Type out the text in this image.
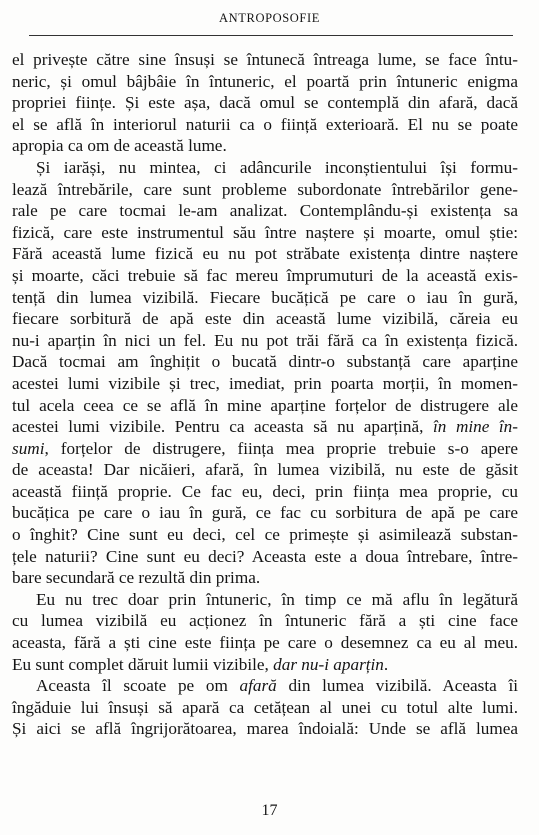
ANTROPOSOFIE
el privește către sine însuși se întunecă întreaga lume, se face întu-
neric, și omul bâjbâie în întuneric, el poartă prin întuneric enigma
propriei ființe. Și este așa, dacă omul se contemplă din afară, dacă
el se află în interiorul naturii ca o ființă exterioară. El nu se poate
apropia ca om de această lume.
Și iarăși, nu mintea, ci adâncurile inconștientului își formu-
lează întrebările, care sunt probleme subordonate întrebărilor gene-
rale pe care tocmai le-am analizat. Contemplându-și existența sa
fizică, care este instrumentul său între naștere și moarte, omul știe:
Fără această lume fizică eu nu pot străbate existența dintre naștere
și moarte, căci trebuie să fac mereu împrumuturi de la această exis-
tență din lumea vizibilă. Fiecare bucățică pe care o iau în gură,
fiecare sorbitură de apă este din această lume vizibilă, căreia eu
nu-i aparțin în nici un fel. Eu nu pot trăi fără ca în existența fizică.
Dacă tocmai am înghițit o bucată dintr-o substanță care aparține
acestei lumi vizibile și trec, imediat, prin poarta morții, în momen-
tul acela ceea ce se află în mine aparține forțelor de distrugere ale
acestei lumi vizibile. Pentru ca aceasta să nu aparțină, în mine în-
sumi, forțelor de distrugere, ființa mea proprie trebuie s-o apere
de aceasta! Dar nicăieri, afară, în lumea vizibilă, nu este de găsit
această ființă proprie. Ce fac eu, deci, prin ființa mea proprie, cu
bucățica pe care o iau în gură, ce fac cu sorbitura de apă pe care
o înghit? Cine sunt eu deci, cel ce primește și asimilează substan-
țele naturii? Cine sunt eu deci? Aceasta este a doua întrebare, între-
bare secundară ce rezultă din prima.
Eu nu trec doar prin întuneric, în timp ce mă aflu în legătură
cu lumea vizibilă eu acționez în întuneric fără a ști cine face
aceasta, fără a ști cine este ființa pe care o desemnez ca eu al meu.
Eu sunt complet dăruit lumii vizibile, dar nu-i aparțin.
Aceasta îl scoate pe om afară din lumea vizibilă. Aceasta îi
îngăduie lui însuși să apară ca cetățean al unei cu totul alte lumi.
Și aici se află îngrijorătoarea, marea îndoială: Unde se află lumea
17
